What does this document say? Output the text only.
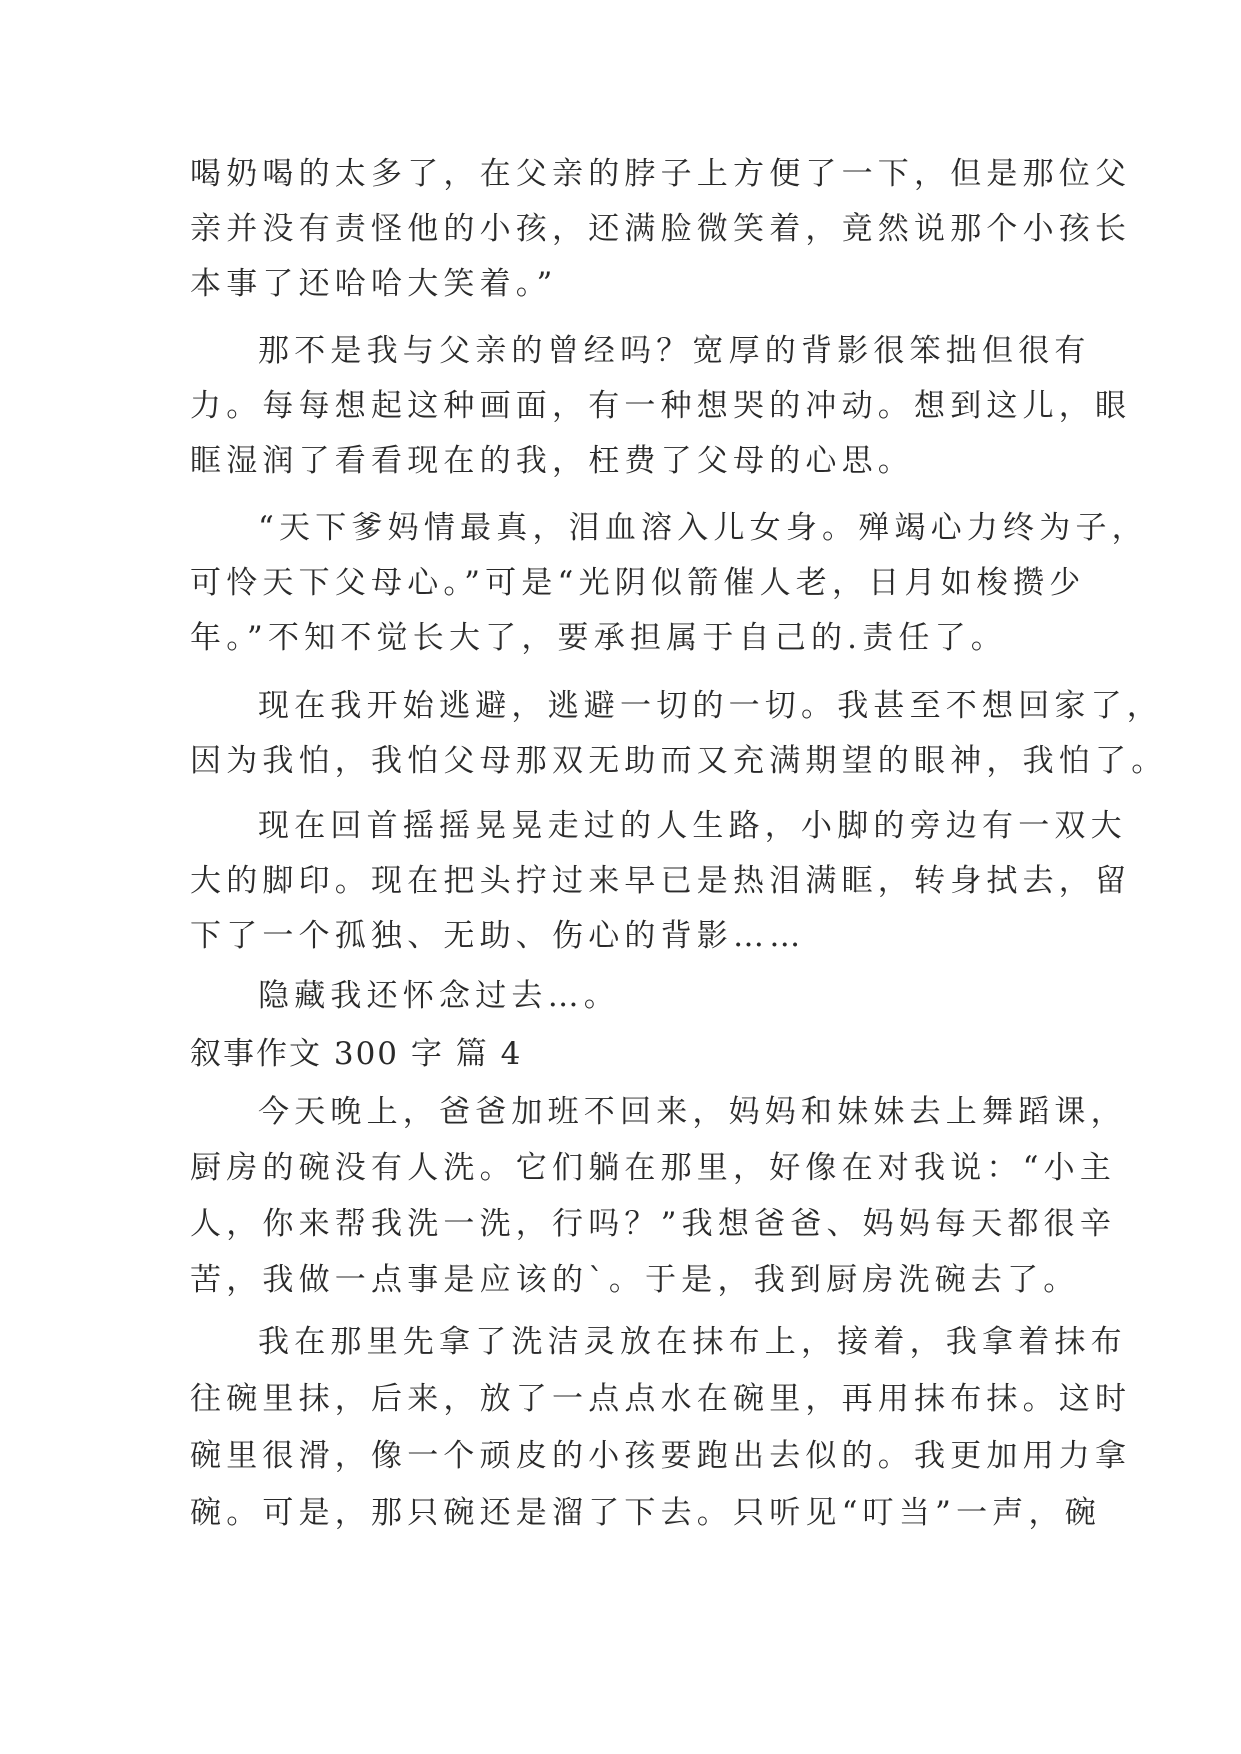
喝奶喝的太多了，在父亲的脖子上方便了一下，但是那位父
亲并没有责怪他的小孩，还满脸微笑着，竟然说那个小孩长
本事了还哈哈大笑着。”
那不是我与父亲的曾经吗？宽厚的背影很笨拙但很有
力。每每想起这种画面，有一种想哭的冲动。想到这儿，眼
眶湿润了看看现在的我，枉费了父母的心思。
“天下爹妈情最真，泪血溶入儿女身。殚竭心力终为子，
可怜天下父母心。”可是“光阴似箭催人老，日月如梭攒少
年。”不知不觉长大了，要承担属于自己的.责任了。
现在我开始逃避，逃避一切的一切。我甚至不想回家了，
因为我怕，我怕父母那双无助而又充满期望的眼神，我怕了。
现在回首摇摇晃晃走过的人生路，小脚的旁边有一双大
大的脚印。现在把头拧过来早已是热泪满眶，转身拭去，留
下了一个孤独、无助、伤心的背影……
隐藏我还怀念过去…。
叙事作文 300 字 篇 4
今天晚上，爸爸加班不回来，妈妈和妹妹去上舞蹈课，
厨房的碗没有人洗。它们躺在那里，好像在对我说：“小主
人，你来帮我洗一洗，行吗？”我想爸爸、妈妈每天都很辛
苦，我做一点事是应该的`。于是，我到厨房洗碗去了。
我在那里先拿了洗洁灵放在抹布上，接着，我拿着抹布
往碗里抹，后来，放了一点点水在碗里，再用抹布抹。这时
碗里很滑，像一个顽皮的小孩要跑出去似的。我更加用力拿
碗。可是，那只碗还是溜了下去。只听见“叮当”一声，碗
